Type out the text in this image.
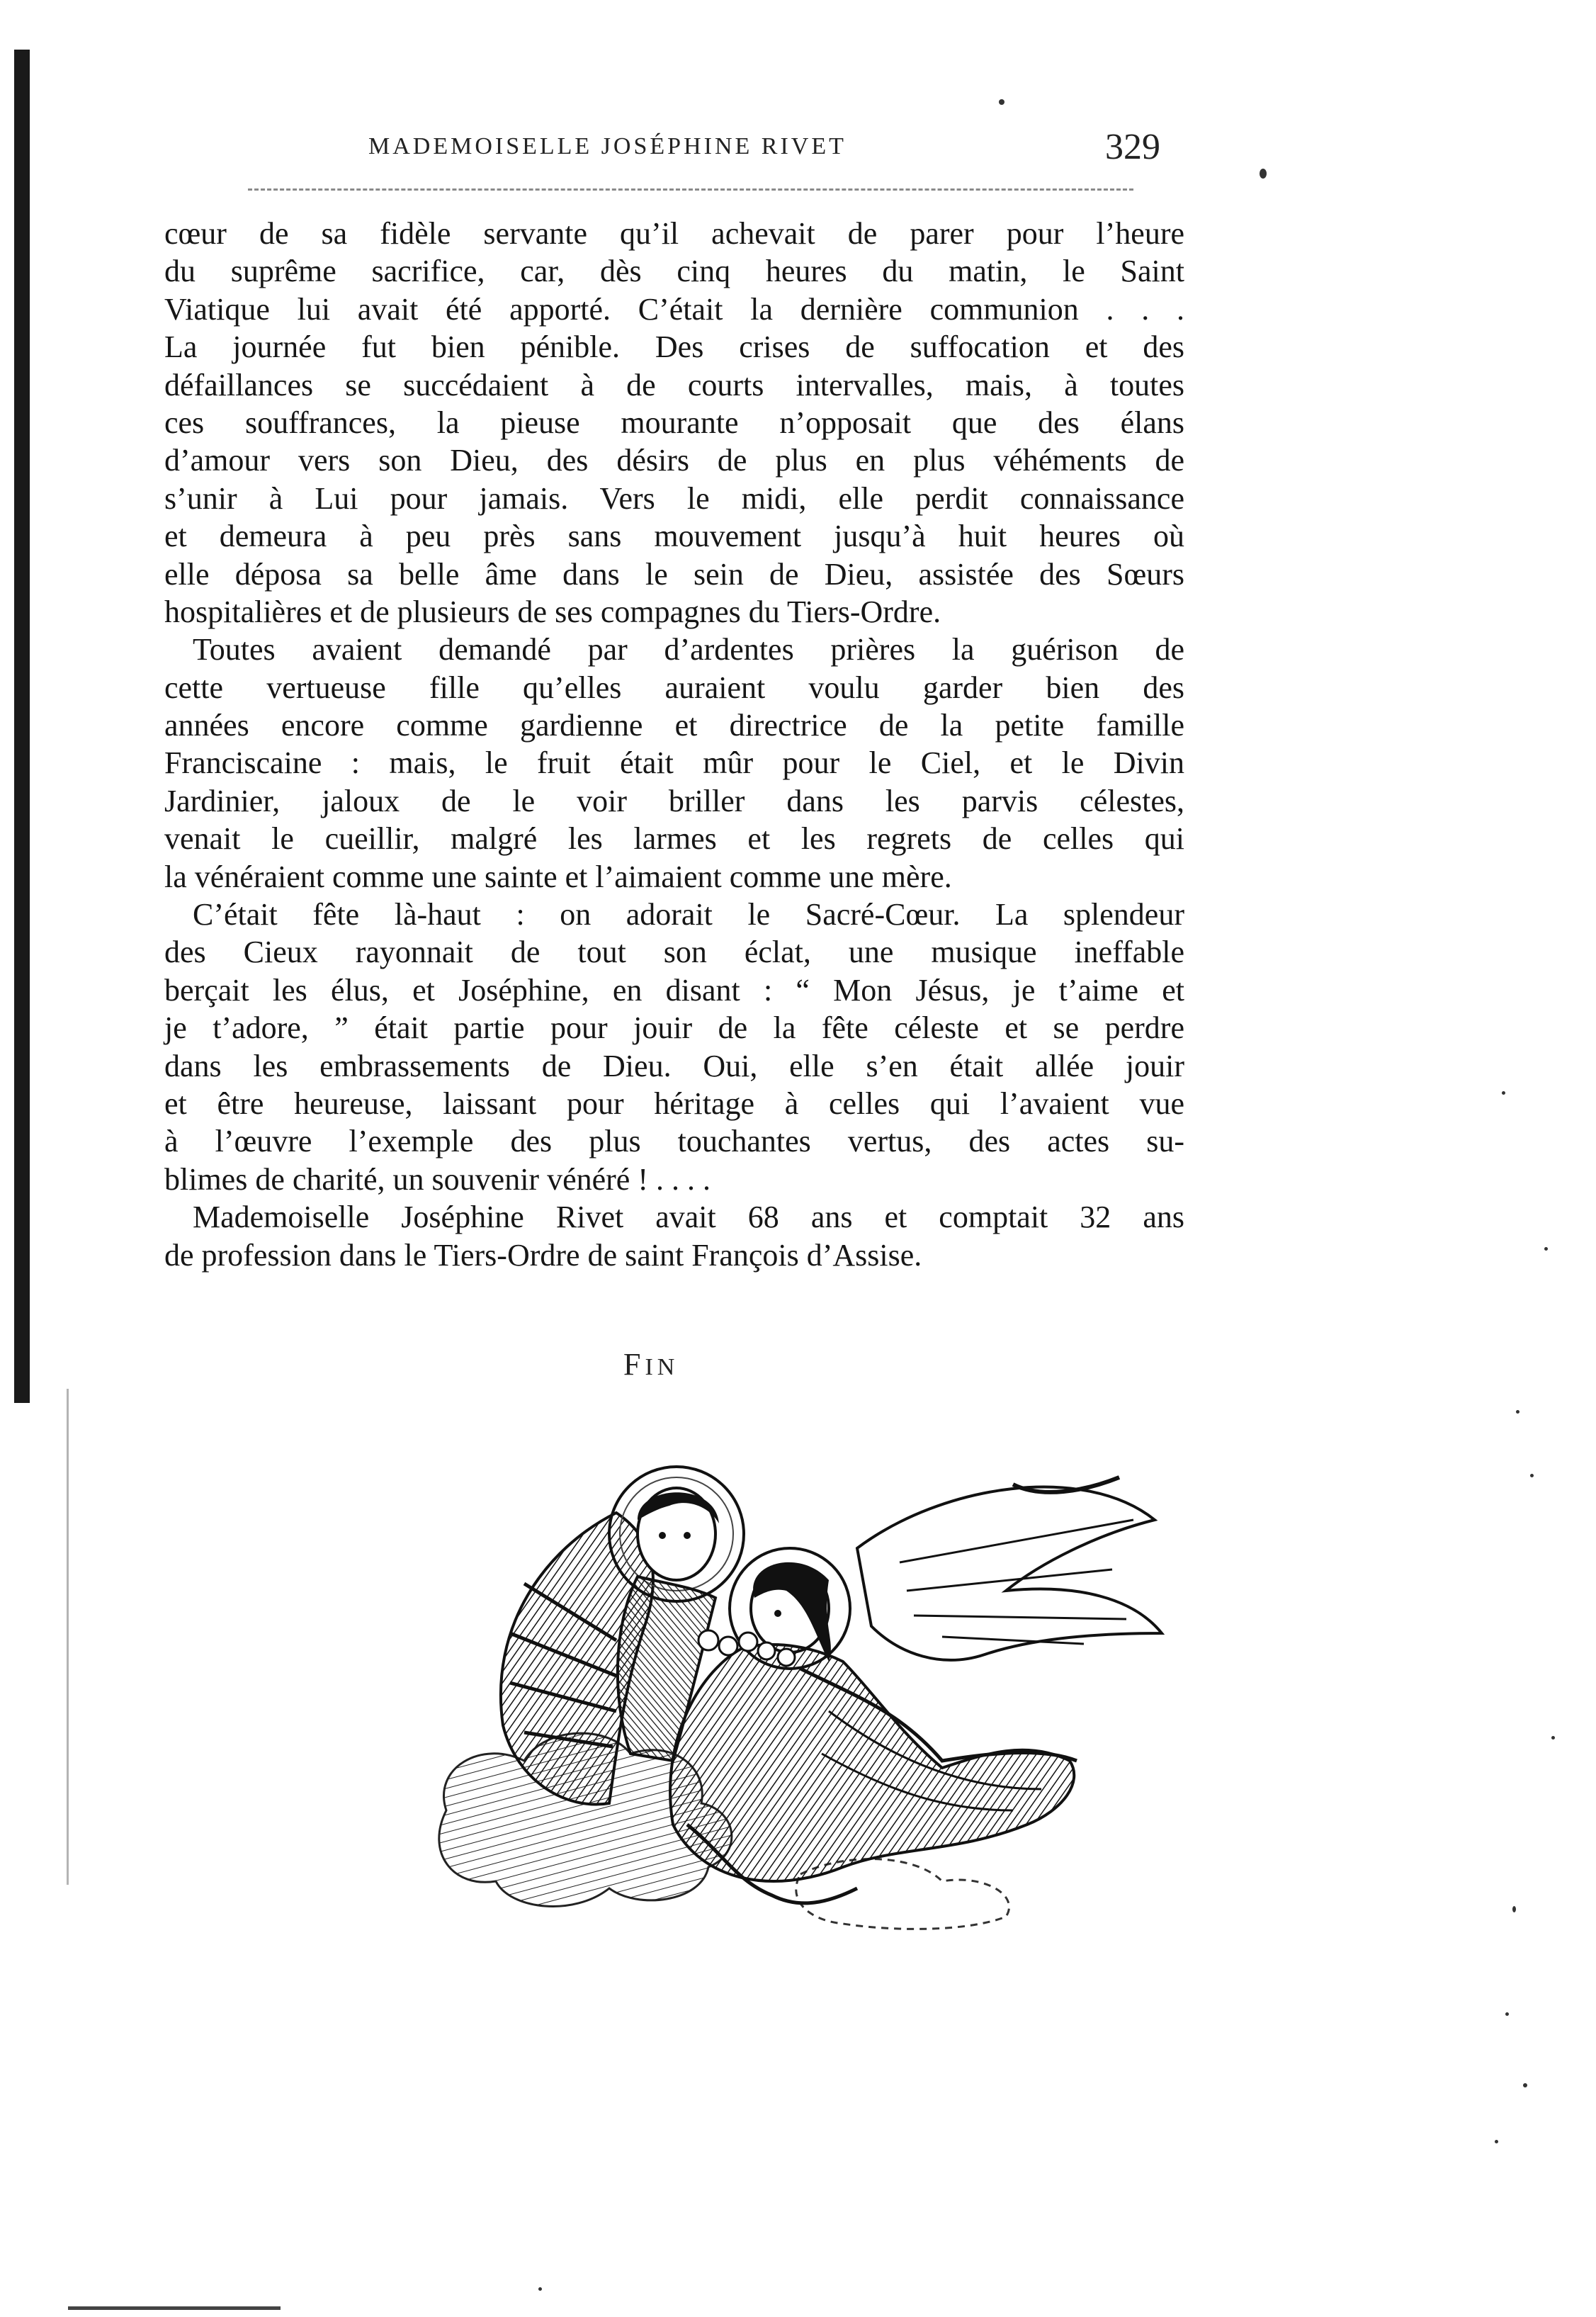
MADEMOISELLE JOSÉPHINE RIVET	329
cœur de sa fidèle servante qu’il achevait de parer pour l’heure
du suprême sacrifice, car, dès cinq heures du matin, le Saint
Viatique lui avait été apporté. C’était la dernière communion . . .
La journée fut bien pénible. Des crises de suffocation et des
défaillances se succédaient à de courts intervalles, mais, à toutes
ces souffrances, la pieuse mourante n’opposait que des élans
d’amour vers son Dieu, des désirs de plus en plus véhéments de
s’unir à Lui pour jamais. Vers le midi, elle perdit connaissance
et demeura à peu près sans mouvement jusqu’à huit heures où
elle déposa sa belle âme dans le sein de Dieu, assistée des Sœurs
hospitalières et de plusieurs de ses compagnes du Tiers-Ordre.
Toutes avaient demandé par d’ardentes prières la guérison de
cette vertueuse fille qu’elles auraient voulu garder bien des
années encore comme gardienne et directrice de la petite famille
Franciscaine : mais, le fruit était mûr pour le Ciel, et le Divin
Jardinier, jaloux de le voir briller dans les parvis célestes,
venait le cueillir, malgré les larmes et les regrets de celles qui
la vénéraient comme une sainte et l’aimaient comme une mère.
C’était fête là-haut : on adorait le Sacré-Cœur. La splendeur
des Cieux rayonnait de tout son éclat, une musique ineffable
berçait les élus, et Joséphine, en disant : “ Mon Jésus, je t’aime et
je t’adore, ” était partie pour jouir de la fête céleste et se perdre
dans les embrassements de Dieu. Oui, elle s’en était allée jouir
et être heureuse, laissant pour héritage à celles qui l’avaient vue
à l’œuvre l’exemple des plus touchantes vertus, des actes su-
blimes de charité, un souvenir vénéré ! . . . .
Mademoiselle Joséphine Rivet avait 68 ans et comptait 32 ans
de profession dans le Tiers-Ordre de saint François d’Assise.
FIN
